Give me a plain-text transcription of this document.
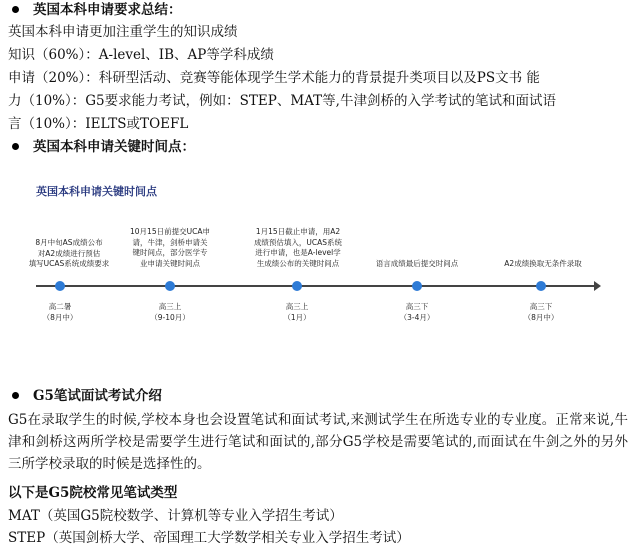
英国本科申请要求总结：
英国本科申请更加注重学生的知识成绩
知识（60%）：A-level、IB、AP等学科成绩
申请（20%）：科研型活动、竞赛等能体现学生学术能力的背景提升类项目以及PS文书 能
力（10%）：G5要求能力考试，例如：STEP、MAT等,牛津剑桥的入学考试的笔试和面试语
言（10%）：IELTS或TOEFL
英国本科申请关键时间点：
英国本科申请关键时间点
8月中旬AS成绩公布
对A2成绩进行预估
填写UCAS系统成绩要求
10月15日前提交UCA申
请，牛津，剑桥申请关
键时间点，部分医学专
业申请关键时间点
1月15日截止申请，用A2
成绩预估填入，UCAS系统
进行申请，也是A-level学
生成绩公布的关键时间点	语言成绩最后提交时间点	A2成绩换取无条件录取
高二暑
（8月中）
高三上
（9-10月）
高三上
（1月）
高三下
（3-4月）
高三下
（8月中）
G5笔试面试考试介绍
G5在录取学生的时候,学校本身也会设置笔试和面试考试,来测试学生在所选专业的专业度。正常来说,牛津和剑桥这两所学校是需要学生进行笔试和面试的,部分G5学校是需要笔试的,而面试在牛剑之外的另外三所学校录取的时候是选择性的。
以下是G5院校常见笔试类型
MAT（英国G5院校数学、计算机等专业入学招生考试）
STEP（英国剑桥大学、帝国理工大学数学相关专业入学招生考试）
